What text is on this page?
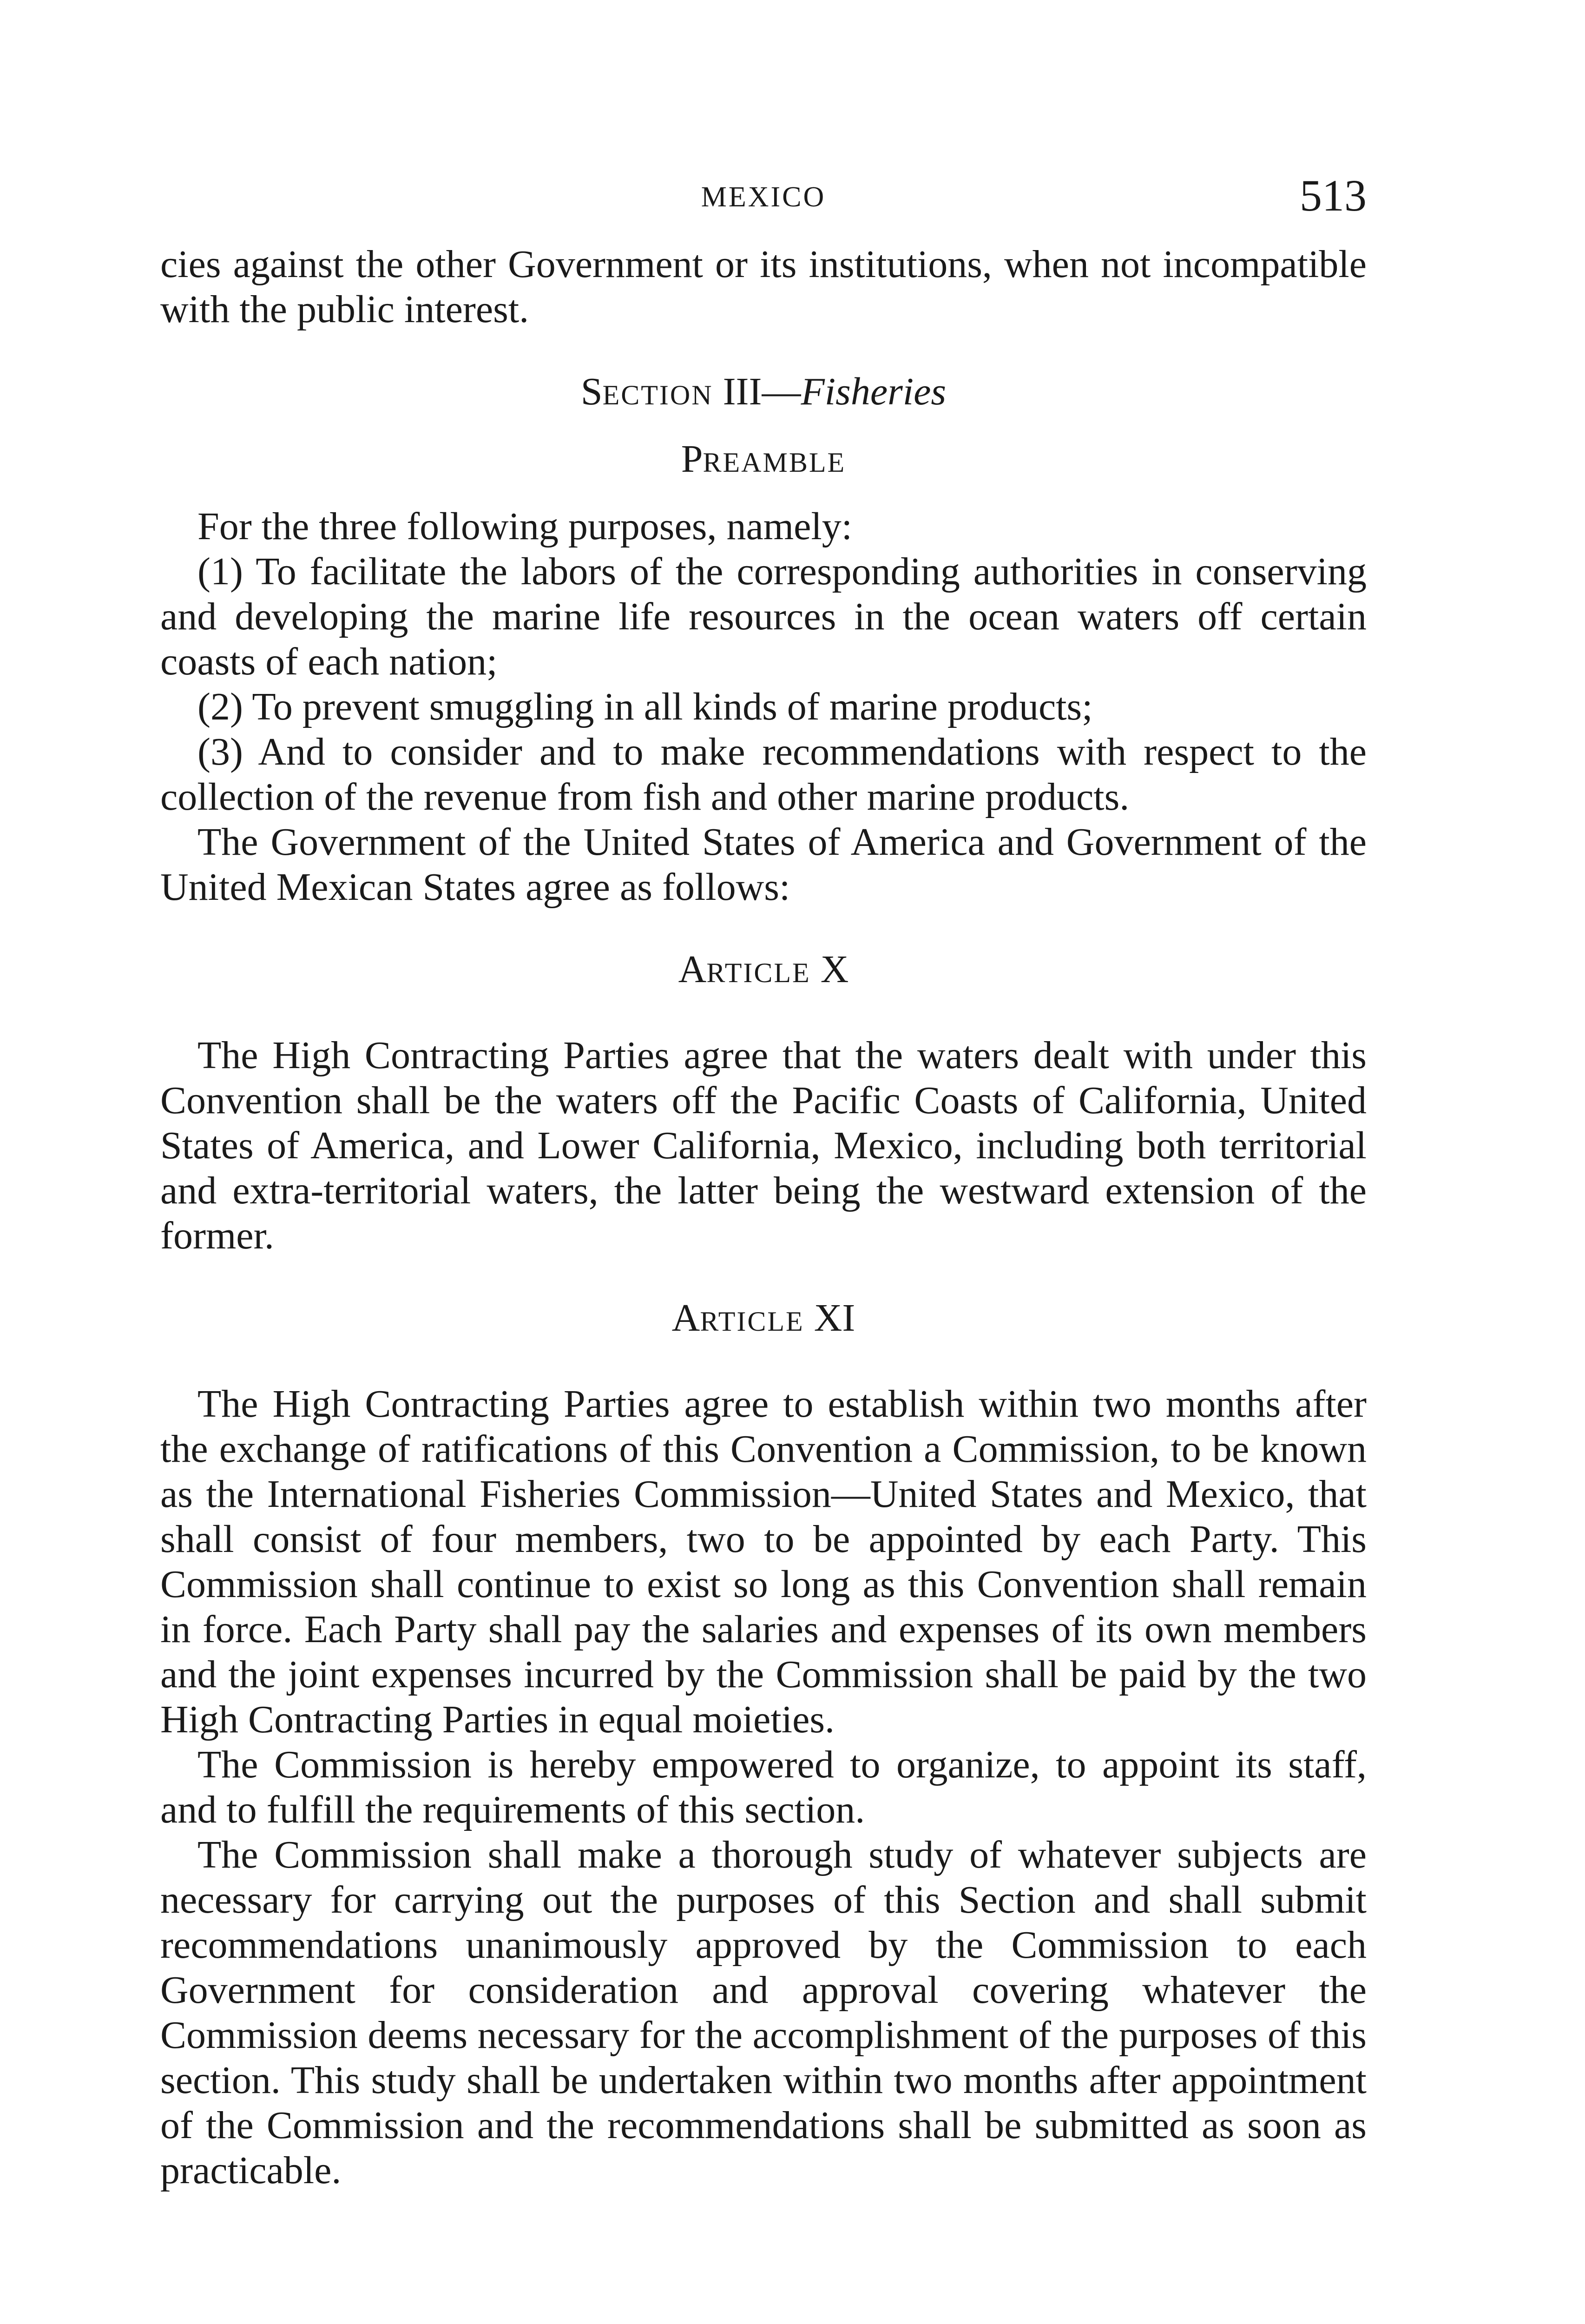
MEXICO	513

cies against the other Government or its institutions, when not incompatible with the public interest.

SECTION III—Fisheries
PREAMBLE

For the three following purposes, namely:

(1) To facilitate the labors of the corresponding authorities in conserving and developing the marine life resources in the ocean waters off certain coasts of each nation;

(2) To prevent smuggling in all kinds of marine products;

(3) And to consider and to make recommendations with respect to the collection of the revenue from fish and other marine products.

The Government of the United States of America and Government of the United Mexican States agree as follows:

ARTICLE X

The High Contracting Parties agree that the waters dealt with under this Convention shall be the waters off the Pacific Coasts of California, United States of America, and Lower California, Mexico, including both territorial and extra-territorial waters, the latter being the westward extension of the former.

ARTICLE XI

The High Contracting Parties agree to establish within two months after the exchange of ratifications of this Convention a Commission, to be known as the International Fisheries Commission—United States and Mexico, that shall consist of four members, two to be appointed by each Party. This Commission shall continue to exist so long as this Convention shall remain in force. Each Party shall pay the salaries and expenses of its own members and the joint expenses incurred by the Commission shall be paid by the two High Contracting Parties in equal moieties.

The Commission is hereby empowered to organize, to appoint its staff, and to fulfill the requirements of this section.

The Commission shall make a thorough study of whatever subjects are necessary for carrying out the purposes of this Section and shall submit recommendations unanimously approved by the Commission to each Government for consideration and approval covering whatever the Commission deems necessary for the accomplishment of the purposes of this section. This study shall be undertaken within two months after appointment of the Commission and the recommendations shall be submitted as soon as practicable.
